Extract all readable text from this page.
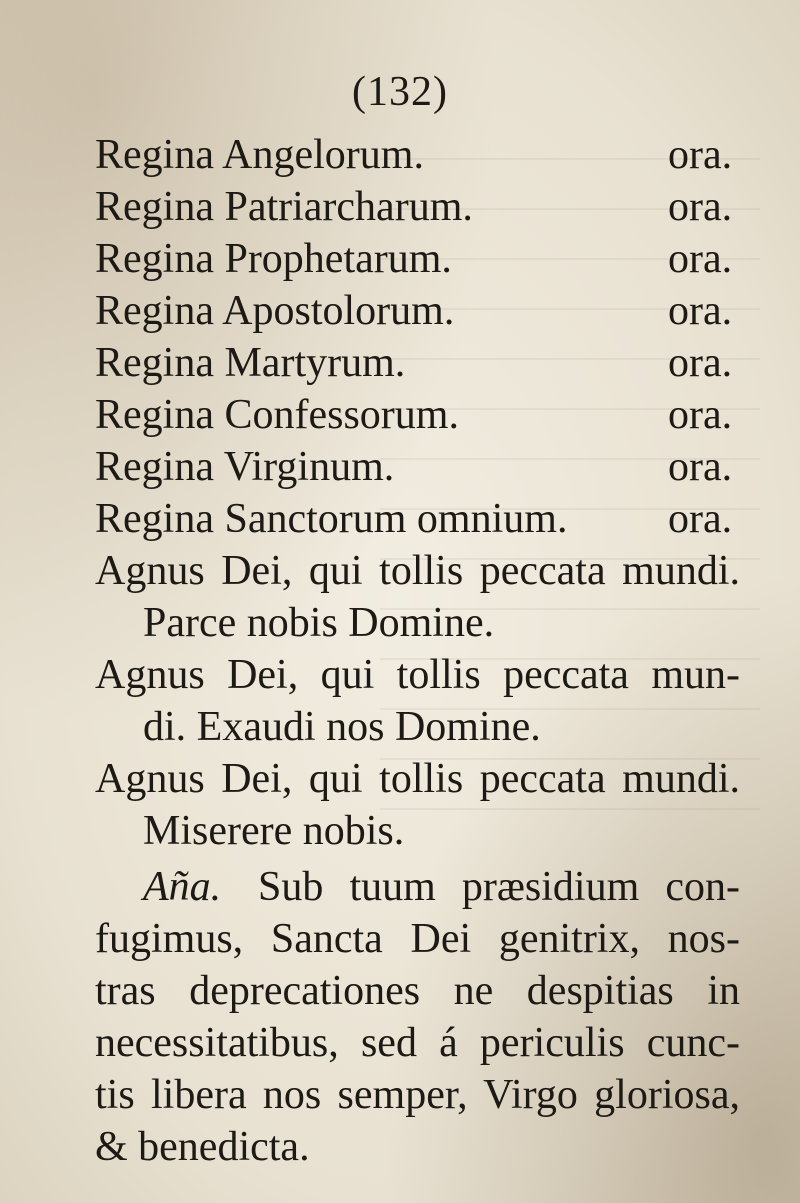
(132)
Regina Angelorum.	ora.
Regina Patriarcharum.	ora.
Regina Prophetarum.	ora.
Regina Apostolorum.	ora.
Regina Martyrum.	ora.
Regina Confessorum.	ora.
Regina Virginum.	ora.
Regina Sanctorum omnium. ora.
Agnus Dei, qui tollis peccata mundi.
Parce nobis Domine.
Agnus Dei, qui tollis peccata mun-
di. Exaudi nos Domine.
Agnus Dei, qui tollis peccata mundi.
Miserere nobis.
Aña. Sub tuum præsidium con-
fugimus, Sancta Dei genitrix, nos-
tras deprecationes ne despitias in
necessitatibus, sed á periculis cunc-
tis libera nos semper, Virgo gloriosa,
& benedicta.
